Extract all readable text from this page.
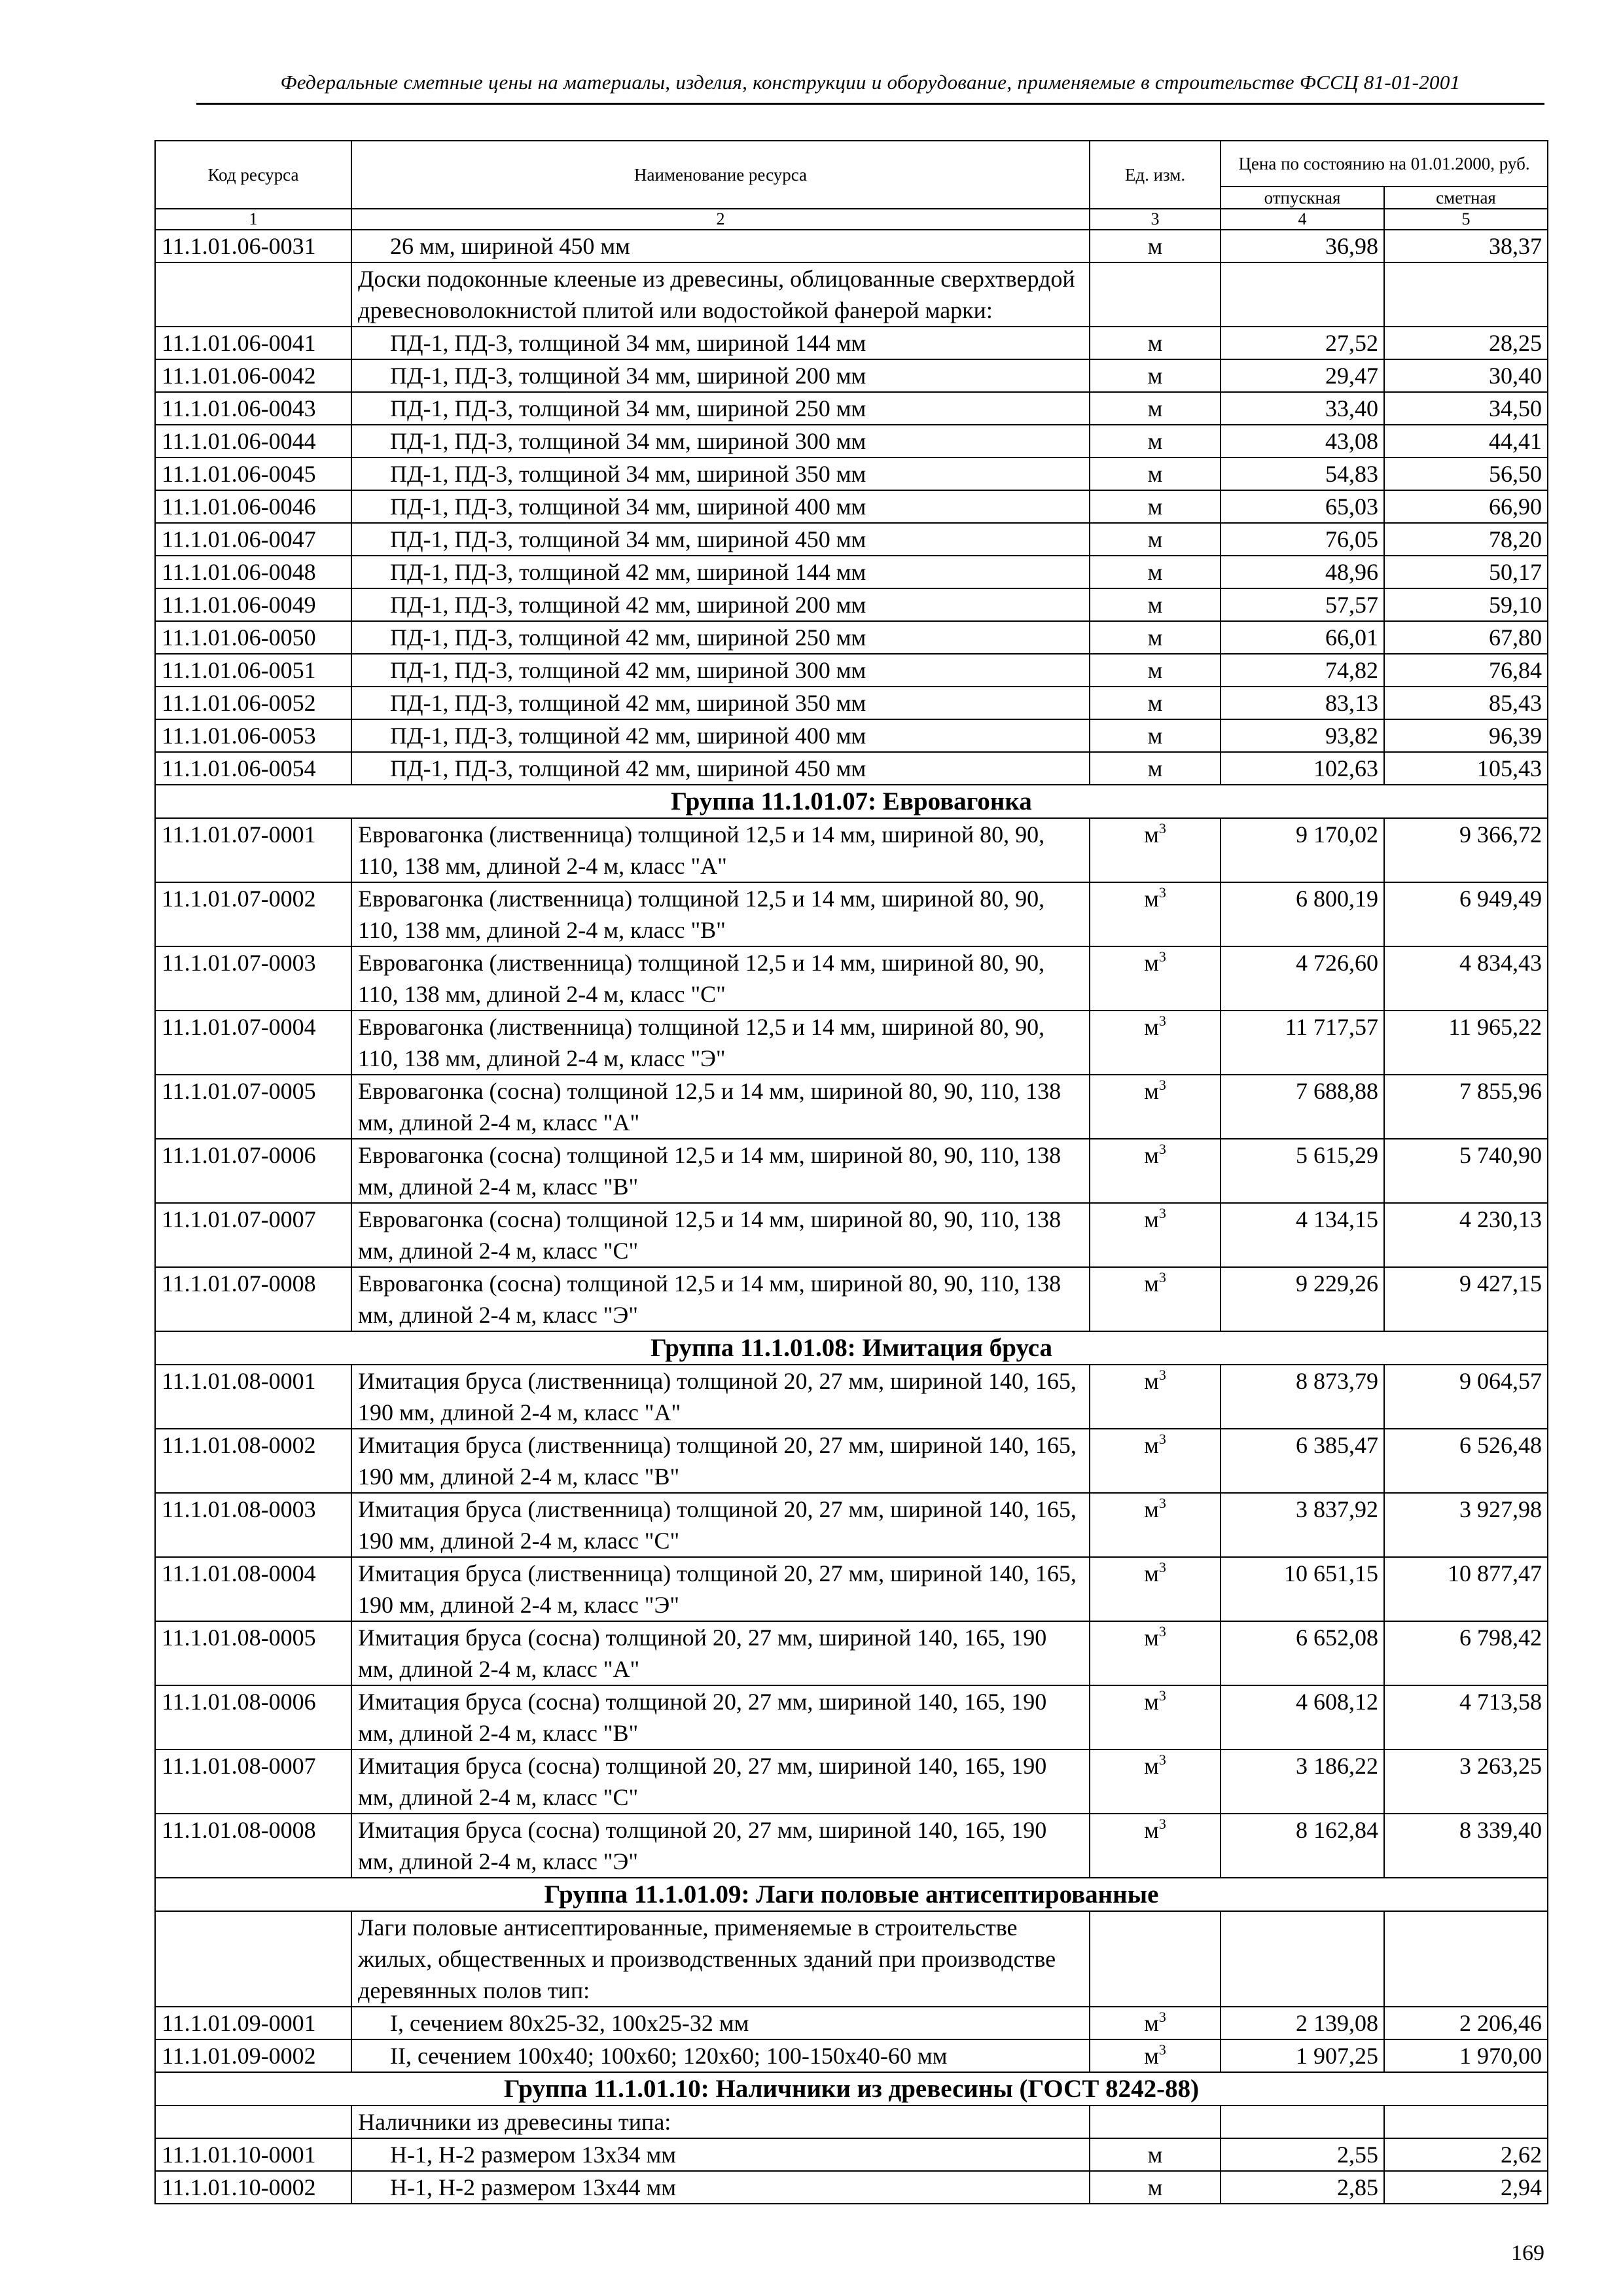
Федеральные сметные цены на материалы, изделия, конструкции и оборудование, применяемые в строительстве ФССЦ 81-01-2001
Код ресурса	Наименование ресурса	Ед. изм.	Цена по состоянию на 01.01.2000, руб.	
			отпускная	сметная
1	2	3	4	5
11.1.01.06-0031	26 мм, шириной 450 мм	м	36,98	38,37
	Доски подоконные клееные из древесины, облицованные сверхтвердой древесноволокнистой плитой или водостойкой фанерой марки:			
11.1.01.06-0041	ПД-1, ПД-3, толщиной 34 мм, шириной 144 мм	м	27,52	28,25
11.1.01.06-0042	ПД-1, ПД-3, толщиной 34 мм, шириной 200 мм	м	29,47	30,40
11.1.01.06-0043	ПД-1, ПД-3, толщиной 34 мм, шириной 250 мм	м	33,40	34,50
11.1.01.06-0044	ПД-1, ПД-3, толщиной 34 мм, шириной 300 мм	м	43,08	44,41
11.1.01.06-0045	ПД-1, ПД-3, толщиной 34 мм, шириной 350 мм	м	54,83	56,50
11.1.01.06-0046	ПД-1, ПД-3, толщиной 34 мм, шириной 400 мм	м	65,03	66,90
11.1.01.06-0047	ПД-1, ПД-3, толщиной 34 мм, шириной 450 мм	м	76,05	78,20
11.1.01.06-0048	ПД-1, ПД-3, толщиной 42 мм, шириной 144 мм	м	48,96	50,17
11.1.01.06-0049	ПД-1, ПД-3, толщиной 42 мм, шириной 200 мм	м	57,57	59,10
11.1.01.06-0050	ПД-1, ПД-3, толщиной 42 мм, шириной 250 мм	м	66,01	67,80
11.1.01.06-0051	ПД-1, ПД-3, толщиной 42 мм, шириной 300 мм	м	74,82	76,84
11.1.01.06-0052	ПД-1, ПД-3, толщиной 42 мм, шириной 350 мм	м	83,13	85,43
11.1.01.06-0053	ПД-1, ПД-3, толщиной 42 мм, шириной 400 мм	м	93,82	96,39
11.1.01.06-0054	ПД-1, ПД-3, толщиной 42 мм, шириной 450 мм	м	102,63	105,43
Группа 11.1.01.07: Евровагонка				
11.1.01.07-0001	Евровагонка (лиственница) толщиной 12,5 и 14 мм, шириной 80, 90, 110, 138 мм, длиной 2-4 м, класс "А"	$м^3$	9 170,02	9 366,72
11.1.01.07-0002	Евровагонка (лиственница) толщиной 12,5 и 14 мм, шириной 80, 90, 110, 138 мм, длиной 2-4 м, класс "В"	$м^3$	6 800,19	6 949,49
11.1.01.07-0003	Евровагонка (лиственница) толщиной 12,5 и 14 мм, шириной 80, 90, 110, 138 мм, длиной 2-4 м, класс "С"	$м^3$	4 726,60	4 834,43
11.1.01.07-0004	Евровагонка (лиственница) толщиной 12,5 и 14 мм, шириной 80, 90, 110, 138 мм, длиной 2-4 м, класс "Э"	$м^3$	11 717,57	11 965,22
11.1.01.07-0005	Евровагонка (сосна) толщиной 12,5 и 14 мм, шириной 80, 90, 110, 138 мм, длиной 2-4 м, класс "А"	$м^3$	7 688,88	7 855,96
11.1.01.07-0006	Евровагонка (сосна) толщиной 12,5 и 14 мм, шириной 80, 90, 110, 138 мм, длиной 2-4 м, класс "В"	$м^3$	5 615,29	5 740,90
11.1.01.07-0007	Евровагонка (сосна) толщиной 12,5 и 14 мм, шириной 80, 90, 110, 138 мм, длиной 2-4 м, класс "С"	$м^3$	4 134,15	4 230,13
11.1.01.07-0008	Евровагонка (сосна) толщиной 12,5 и 14 мм, шириной 80, 90, 110, 138 мм, длиной 2-4 м, класс "Э"	$м^3$	9 229,26	9 427,15
Группа 11.1.01.08: Имитация бруса				
11.1.01.08-0001	Имитация бруса (лиственница) толщиной 20, 27 мм, шириной 140, 165, 190 мм, длиной 2-4 м, класс "А"	$м^3$	8 873,79	9 064,57
11.1.01.08-0002	Имитация бруса (лиственница) толщиной 20, 27 мм, шириной 140, 165, 190 мм, длиной 2-4 м, класс "В"	$м^3$	6 385,47	6 526,48
11.1.01.08-0003	Имитация бруса (лиственница) толщиной 20, 27 мм, шириной 140, 165, 190 мм, длиной 2-4 м, класс "С"	$м^3$	3 837,92	3 927,98
11.1.01.08-0004	Имитация бруса (лиственница) толщиной 20, 27 мм, шириной 140, 165, 190 мм, длиной 2-4 м, класс "Э"	$м^3$	10 651,15	10 877,47
11.1.01.08-0005	Имитация бруса (сосна) толщиной 20, 27 мм, шириной 140, 165, 190 мм, длиной 2-4 м, класс "А"	$м^3$	6 652,08	6 798,42
11.1.01.08-0006	Имитация бруса (сосна) толщиной 20, 27 мм, шириной 140, 165, 190 мм, длиной 2-4 м, класс "В"	$м^3$	4 608,12	4 713,58
11.1.01.08-0007	Имитация бруса (сосна) толщиной 20, 27 мм, шириной 140, 165, 190 мм, длиной 2-4 м, класс "С"	$м^3$	3 186,22	3 263,25
11.1.01.08-0008	Имитация бруса (сосна) толщиной 20, 27 мм, шириной 140, 165, 190 мм, длиной 2-4 м, класс "Э"	$м^3$	8 162,84	8 339,40
Группа 11.1.01.09: Лаги половые антисептированные				
	Лаги половые антисептированные, применяемые в строительстве жилых, общественных и производственных зданий при производстве деревянных полов тип:			
11.1.01.09-0001	I, сечением 80х25-32, 100х25-32 мм	$м^3$	2 139,08	2 206,46
11.1.01.09-0002	II, сечением 100х40; 100х60; 120х60; 100-150х40-60 мм	$м^3$	1 907,25	1 970,00
Группа 11.1.01.10: Наличники из древесины (ГОСТ 8242-88)				
	Наличники из древесины типа:			
11.1.01.10-0001	Н-1, Н-2 размером 13х34 мм	м	2,55	2,62
11.1.01.10-0002	Н-1, Н-2 размером 13х44 мм	м	2,85	2,94
169
